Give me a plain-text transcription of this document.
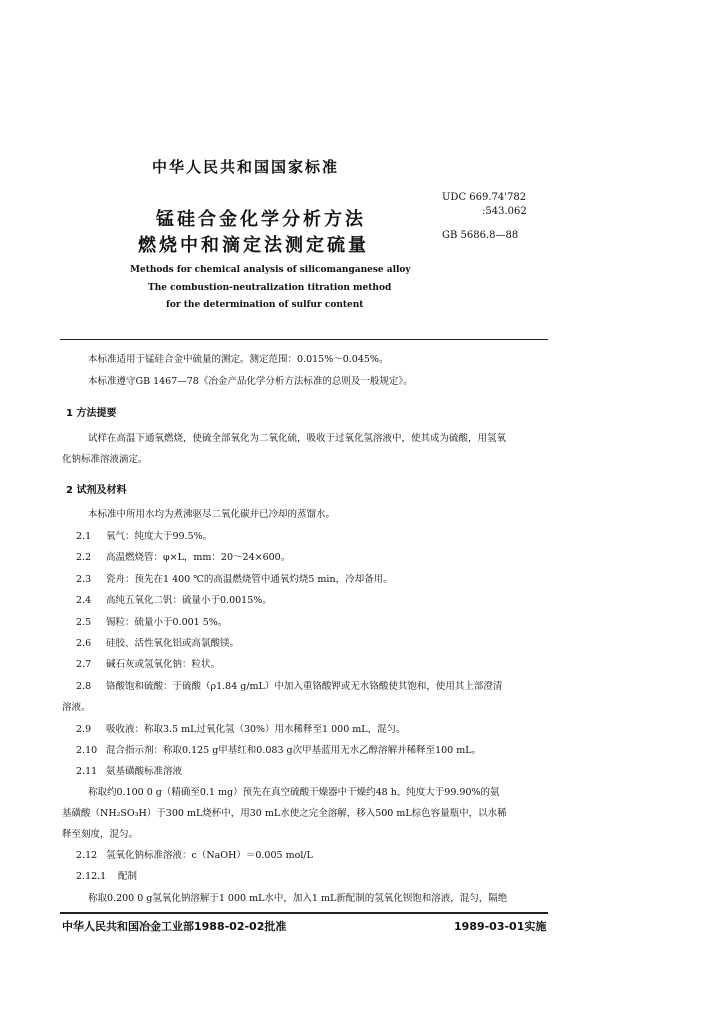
中华人民共和国国家标准
锰硅合金化学分析方法
燃烧中和滴定法测定硫量
UDC 669.74'782
:543.062
GB 5686.8—88
Methods for chemical analysis of silicomanganese alloy
The combustion-neutralization titration method
for the determination of sulfur content
本标准适用于锰硅合金中硫量的测定。测定范围：0.015%～0.045%。
本标准遵守GB 1467—78《冶金产品化学分析方法标准的总则及一般规定》。
1 方法提要
试样在高温下通氧燃烧，使硫全部氧化为二氧化硫，吸收于过氧化氢溶液中，使其成为硫酸，用氢氧
化钠标准溶液滴定。
2 试剂及材料
本标准中所用水均为煮沸驱尽二氧化碳并已冷却的蒸馏水。
2.1 氧气：纯度大于99.5%。
2.2 高温燃烧管：φ×L，mm：20～24×600。
2.3 瓷舟：预先在1 400 ℃的高温燃烧管中通氧灼烧5 min，冷却备用。
2.4 高纯五氧化二钒：硫量小于0.0015%。
2.5 锡粒：硫量小于0.001 5%。
2.6 硅胶、活性氧化铝或高氯酸镁。
2.7 碱石灰或氢氧化钠：粒状。
2.8 铬酸饱和硫酸：于硫酸（ρ1.84 g/mL）中加入重铬酸钾或无水铬酸使其饱和，使用其上部澄清
溶液。
2.9 吸收液：称取3.5 mL过氧化氢（30%）用水稀释至1 000 mL，混匀。
2.10 混合指示剂：称取0.125 g甲基红和0.083 g次甲基蓝用无水乙醇溶解并稀释至100 mL。
2.11 氨基磺酸标准溶液
称取约0.100 0 g（精确至0.1 mg）预先在真空硫酸干燥器中干燥约48 h、纯度大于99.90%的氨
基磺酸（NH₂SO₃H）于300 mL烧杯中，用30 mL水使之完全溶解，移入500 mL棕色容量瓶中，以水稀
释至刻度，混匀。
2.12 氢氧化钠标准溶液：c（NaOH）＝0.005 mol/L
2.12.1 配制
称取0.200 0 g氢氧化钠溶解于1 000 mL水中，加入1 mL新配制的氢氧化钡饱和溶液，混匀，隔绝
中华人民共和国冶金工业部1988-02-02批准	1989-03-01实施
